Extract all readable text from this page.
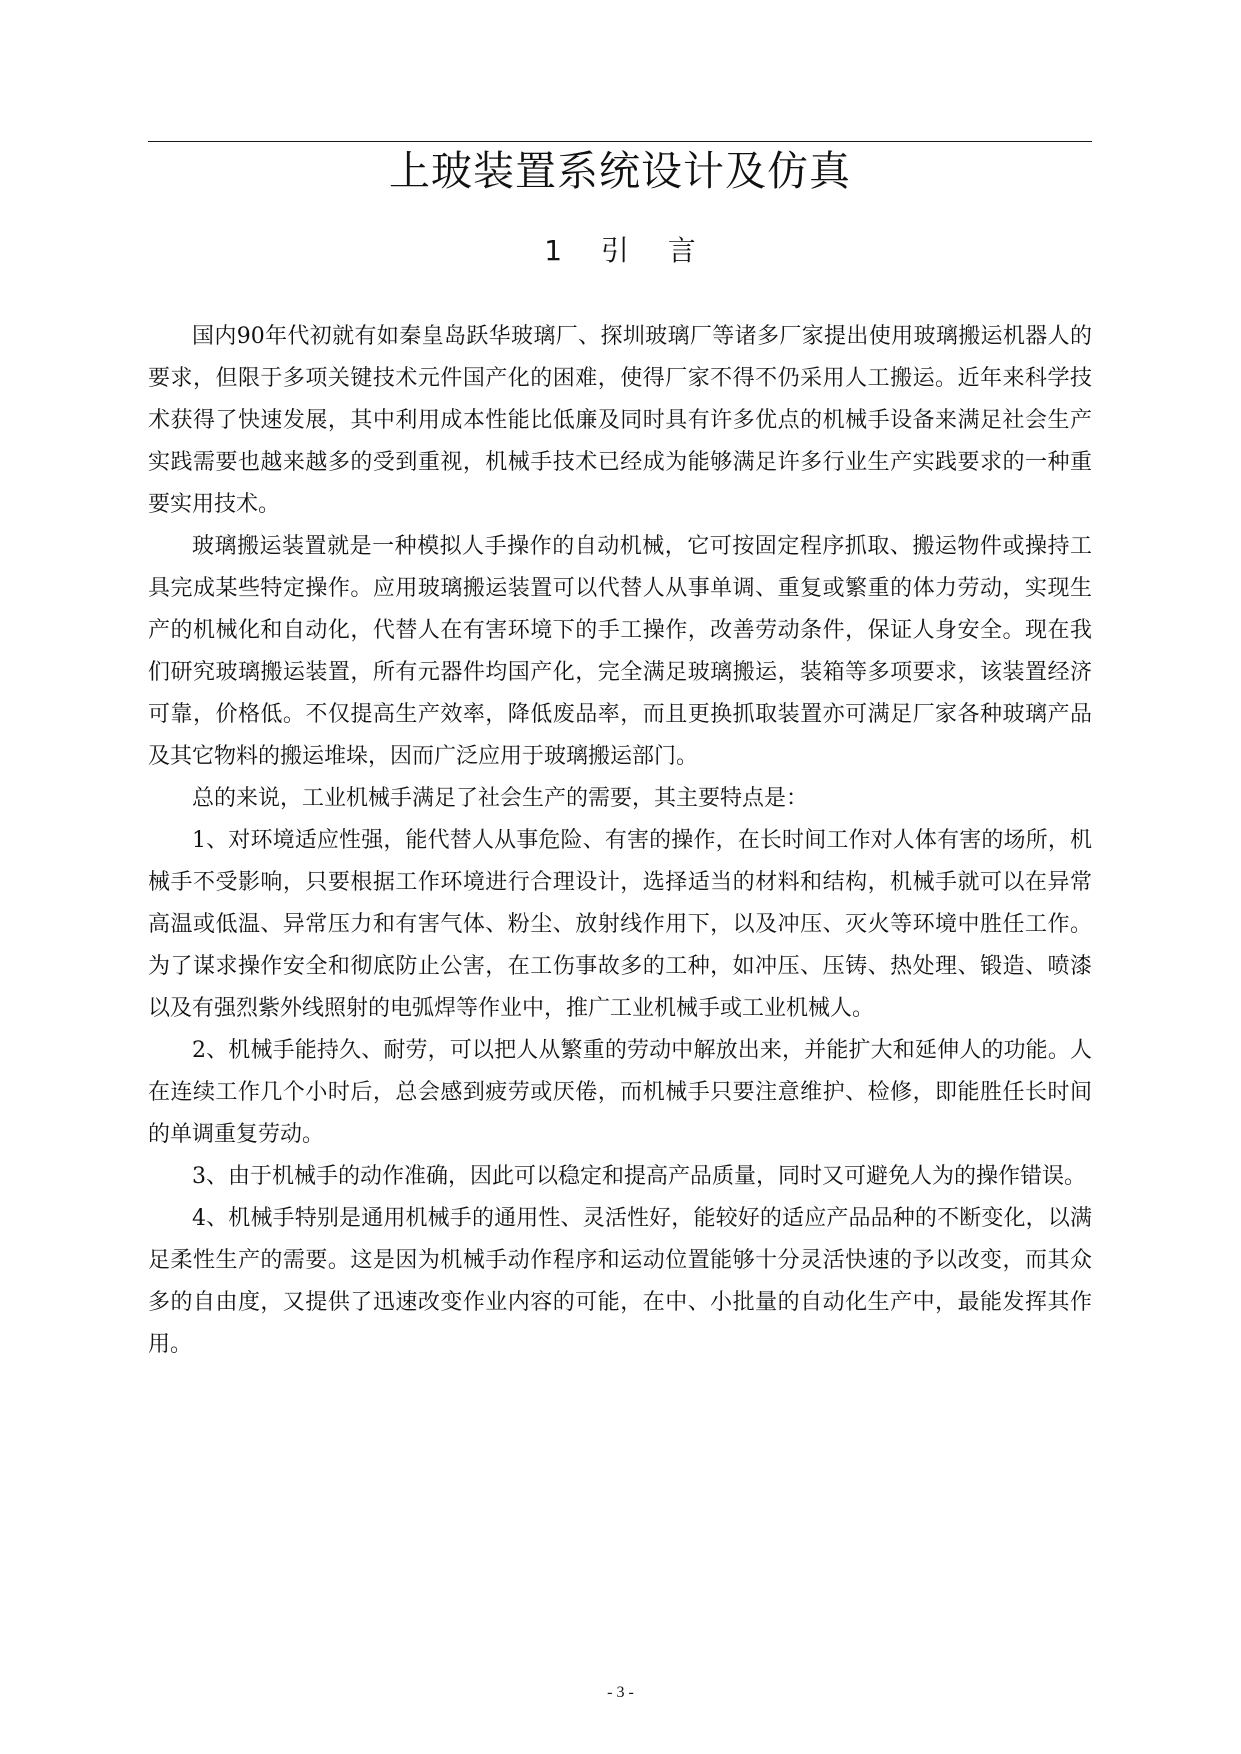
上玻装置系统设计及仿真
1 引 言

国内90年代初就有如秦皇岛跃华玻璃厂、探圳玻璃厂等诸多厂家提出使用玻璃搬运机器人的要求，但限于多项关键技术元件国产化的困难，使得厂家不得不仍采用人工搬运。近年来科学技术获得了快速发展，其中利用成本性能比低廉及同时具有许多优点的机械手设备来满足社会生产实践需要也越来越多的受到重视，机械手技术已经成为能够满足许多行业生产实践要求的一种重要实用技术。

玻璃搬运装置就是一种模拟人手操作的自动机械，它可按固定程序抓取、搬运物件或操持工具完成某些特定操作。应用玻璃搬运装置可以代替人从事单调、重复或繁重的体力劳动，实现生产的机械化和自动化，代替人在有害环境下的手工操作，改善劳动条件，保证人身安全。现在我们研究玻璃搬运装置，所有元器件均国产化，完全满足玻璃搬运，装箱等多项要求，该装置经济可靠，价格低。不仅提高生产效率，降低废品率，而且更换抓取装置亦可满足厂家各种玻璃产品及其它物料的搬运堆垛，因而广泛应用于玻璃搬运部门。

总的来说，工业机械手满足了社会生产的需要，其主要特点是：

1、对环境适应性强，能代替人从事危险、有害的操作，在长时间工作对人体有害的场所，机械手不受影响，只要根据工作环境进行合理设计，选择适当的材料和结构，机械手就可以在异常高温或低温、异常压力和有害气体、粉尘、放射线作用下，以及冲压、灭火等环境中胜任工作。为了谋求操作安全和彻底防止公害，在工伤事故多的工种，如冲压、压铸、热处理、锻造、喷漆以及有强烈紫外线照射的电弧焊等作业中，推广工业机械手或工业机械人。

2、机械手能持久、耐劳，可以把人从繁重的劳动中解放出来，并能扩大和延伸人的功能。人在连续工作几个小时后，总会感到疲劳或厌倦，而机械手只要注意维护、检修，即能胜任长时间的单调重复劳动。

3、由于机械手的动作准确，因此可以稳定和提高产品质量，同时又可避免人为的操作错误。

4、机械手特别是通用机械手的通用性、灵活性好，能较好的适应产品品种的不断变化，以满足柔性生产的需要。这是因为机械手动作程序和运动位置能够十分灵活快速的予以改变，而其众多的自由度，又提供了迅速改变作业内容的可能，在中、小批量的自动化生产中，最能发挥其作用。

- 3 -
